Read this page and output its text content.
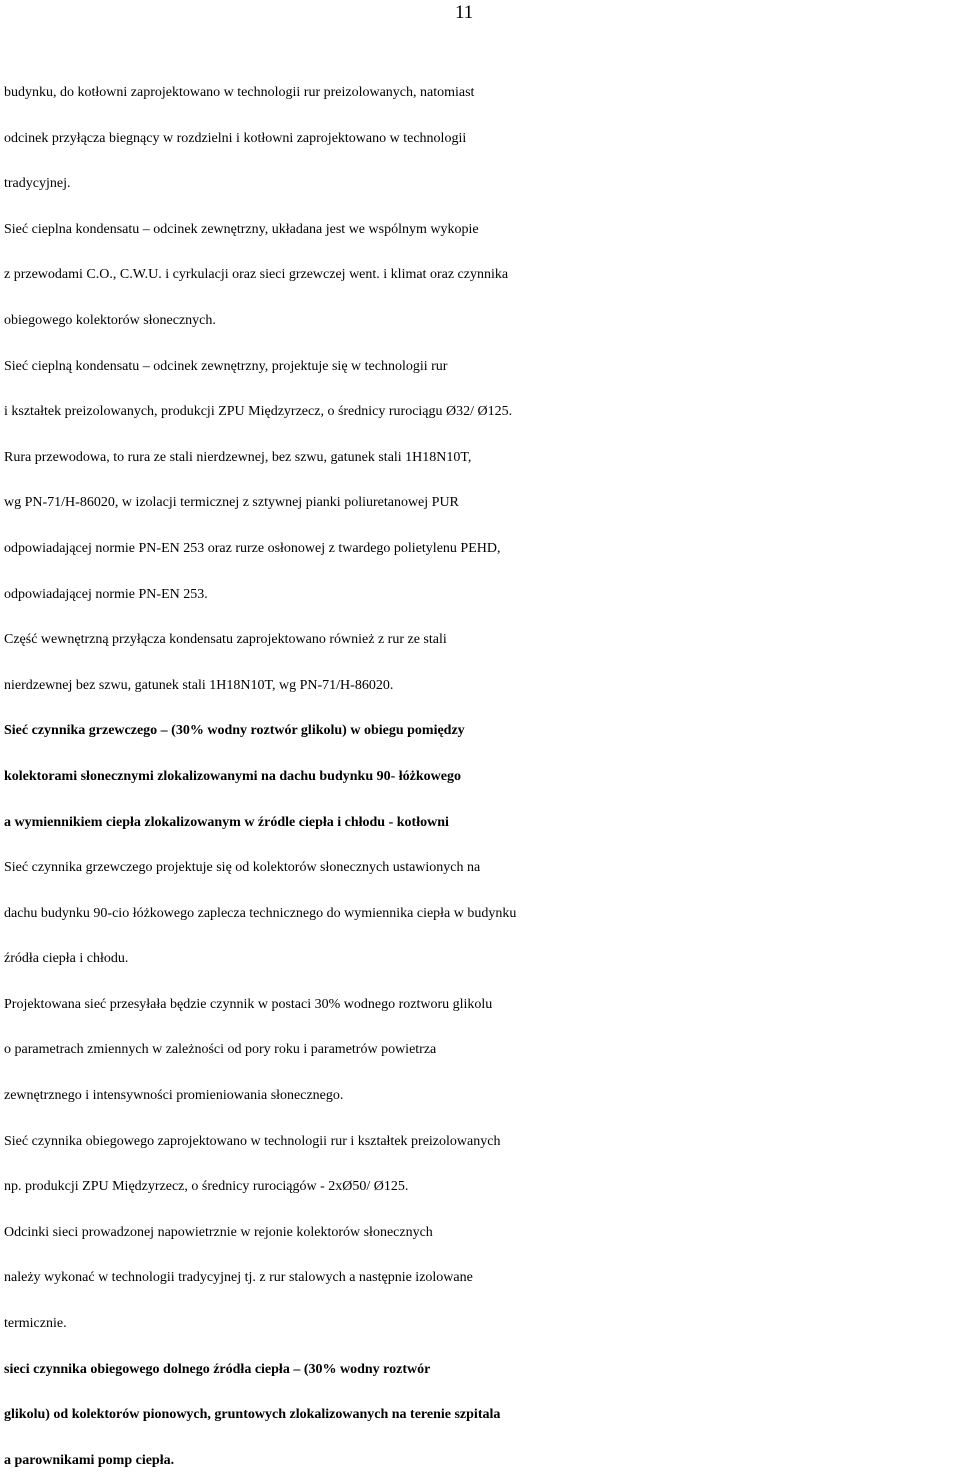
11
budynku, do kotłowni zaprojektowano w technologii rur preizolowanych, natomiast
odcinek przyłącza biegnący w rozdzielni i kotłowni zaprojektowano w technologii
tradycyjnej.
Sieć cieplna kondensatu – odcinek zewnętrzny, układana jest we wspólnym wykopie
z przewodami C.O., C.W.U. i cyrkulacji oraz sieci grzewczej went. i klimat oraz czynnika
obiegowego kolektorów słonecznych.
Sieć cieplną kondensatu – odcinek zewnętrzny, projektuje się w technologii rur
i kształtek preizolowanych, produkcji ZPU Międzyrzecz, o średnicy rurociągu Ø32/ Ø125.
Rura przewodowa, to rura ze stali nierdzewnej, bez szwu, gatunek stali 1H18N10T,
wg PN-71/H-86020, w izolacji termicznej z sztywnej pianki poliuretanowej PUR
odpowiadającej normie PN-EN 253 oraz rurze osłonowej z twardego polietylenu PEHD,
odpowiadającej normie PN-EN 253.
Część wewnętrzną przyłącza kondensatu zaprojektowano również z rur ze stali
nierdzewnej bez szwu, gatunek stali 1H18N10T, wg PN-71/H-86020.
Sieć czynnika grzewczego – (30% wodny roztwór glikolu) w obiegu pomiędzy
kolektorami słonecznymi zlokalizowanymi na dachu budynku 90- łóżkowego
a wymiennikiem ciepła zlokalizowanym w źródle ciepła i chłodu - kotłowni
Sieć czynnika grzewczego projektuje się od kolektorów słonecznych ustawionych na
dachu budynku 90-cio łóżkowego zaplecza technicznego do wymiennika ciepła w budynku
źródła ciepła i chłodu.
Projektowana sieć przesyłała będzie czynnik w postaci 30% wodnego roztworu glikolu
o parametrach zmiennych w zależności od pory roku i parametrów powietrza
zewnętrznego i intensywności promieniowania słonecznego.
Sieć czynnika obiegowego zaprojektowano w technologii rur i kształtek preizolowanych
np. produkcji ZPU Międzyrzecz, o średnicy rurociągów - 2xØ50/ Ø125.
Odcinki sieci prowadzonej napowietrznie w rejonie kolektorów słonecznych
należy wykonać w technologii tradycyjnej tj. z rur stalowych a następnie izolowane
termicznie.
sieci czynnika obiegowego dolnego źródła ciepła – (30% wodny roztwór
glikolu) od kolektorów pionowych, gruntowych zlokalizowanych na terenie szpitala
a parownikami pomp ciepła.
